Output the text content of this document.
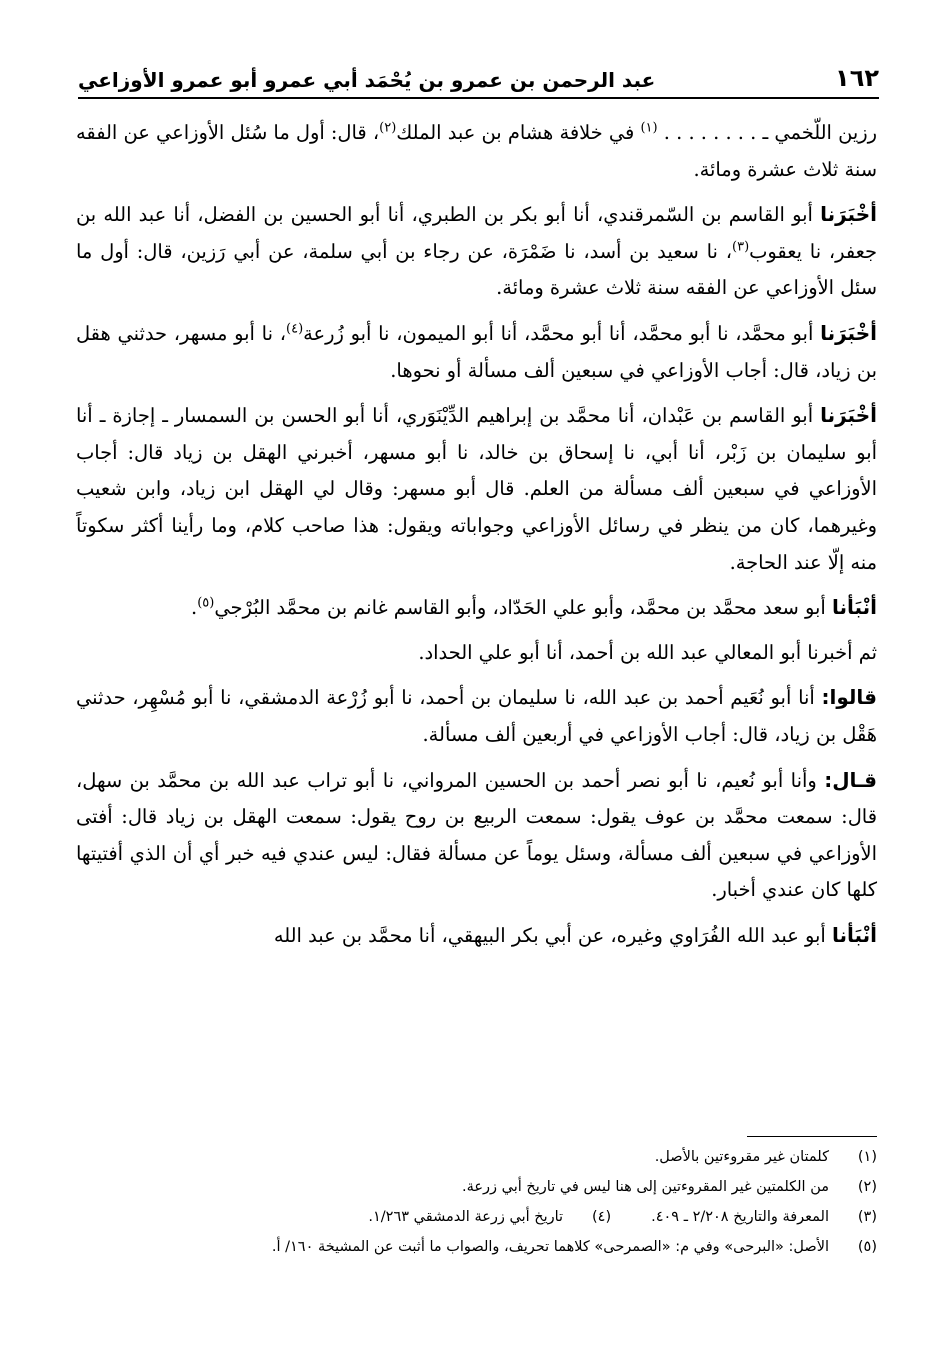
١٦٢
عبد الرحمن بن عمرو بن يُحْمَد أبي عمرو أبو عمرو الأوزاعي

رزين اللّخمي ـ . . . . . . . . $^{(١)}$ في خلافة هشام بن عبد الملك$^{(٢)}$، قال: أول ما سُئل الأوزاعي عن الفقه سنة ثلاث عشرة ومائة.

أخْبَرَنا أبو القاسم بن السّمرقندي، أنا أبو بكر بن الطبري، أنا أبو الحسين بن الفضل، أنا عبد الله بن جعفر، نا يعقوب$^{(٣)}$، نا سعيد بن أسد، نا ضَمْرَة، عن رجاء بن أبي سلمة، عن أبي رَزين، قال: أول ما سئل الأوزاعي عن الفقه سنة ثلاث عشرة ومائة.

أخْبَرَنا أبو محمَّد، نا أبو محمَّد، أنا أبو محمَّد، أنا أبو الميمون، نا أبو زُرعة$^{(٤)}$، نا أبو مسهر، حدثني هقل بن زياد، قال: أجاب الأوزاعي في سبعين ألف مسألة أو نحوها.

أخْبَرَنا أبو القاسم بن عَبْدان، أنا محمَّد بن إبراهيم الدِّيْنَوَري، أنا أبو الحسن بن السمسار ـ إجازة ـ أنا أبو سليمان بن زَبْر، أنا أبي، نا إسحاق بن خالد، نا أبو مسهر، أخبرني الهقل بن زياد قال: أجاب الأوزاعي في سبعين ألف مسألة من العلم. قال أبو مسهر: وقال لي الهقل ابن زياد، وابن شعيب وغيرهما، كان من ينظر في رسائل الأوزاعي وجواباته ويقول: هذا صاحب كلام، وما رأينا أكثر سكوتاً منه إلّا عند الحاجة.

أنْبَأنا أبو سعد محمَّد بن محمَّد، وأبو علي الحَدّاد، وأبو القاسم غانم بن محمَّد البُرْجي$^{(٥)}$.

ثم أخبرنا أبو المعالي عبد الله بن أحمد، أنا أبو علي الحداد.

قالوا: أنا أبو نُعَيم أحمد بن عبد الله، نا سليمان بن أحمد، نا أبو زُرْعة الدمشقي، نا أبو مُسْهِر، حدثني هَقْل بن زياد، قال: أجاب الأوزاعي في أربعين ألف مسألة.

قـال: وأنا أبو نُعيم، نا أبو نصر أحمد بن الحسين المرواني، نا أبو تراب عبد الله بن محمَّد بن سهل، قال: سمعت محمَّد بن عوف يقول: سمعت الربيع بن روح يقول: سمعت الهقل بن زياد قال: أفتى الأوزاعي في سبعين ألف مسألة، وسئل يوماً عن مسألة فقال: ليس عندي فيه خبر أي أن الذي أفتيتها كلها كان عندي أخبار.

أنْبَأنا أبو عبد الله الفُرَاوي وغيره، عن أبي بكر البيهقي، أنا محمَّد بن عبد الله

(١)
كلمتان غير مقروءتين بالأصل.
(٢)
من الكلمتين غير المقروءتين إلى هنا ليس في تاريخ أبي زرعة.
(٣)
المعرفة والتاريخ ٢/٢٠٨ ـ ٤٠٩.
(٤)
تاريخ أبي زرعة الدمشقي ١/٢٦٣.
(٥)
الأصل: «البرحى» وفي م: «الصمرحى» كلاهما تحريف، والصواب ما أثبت عن المشيخة ١٦٠/ أ.
